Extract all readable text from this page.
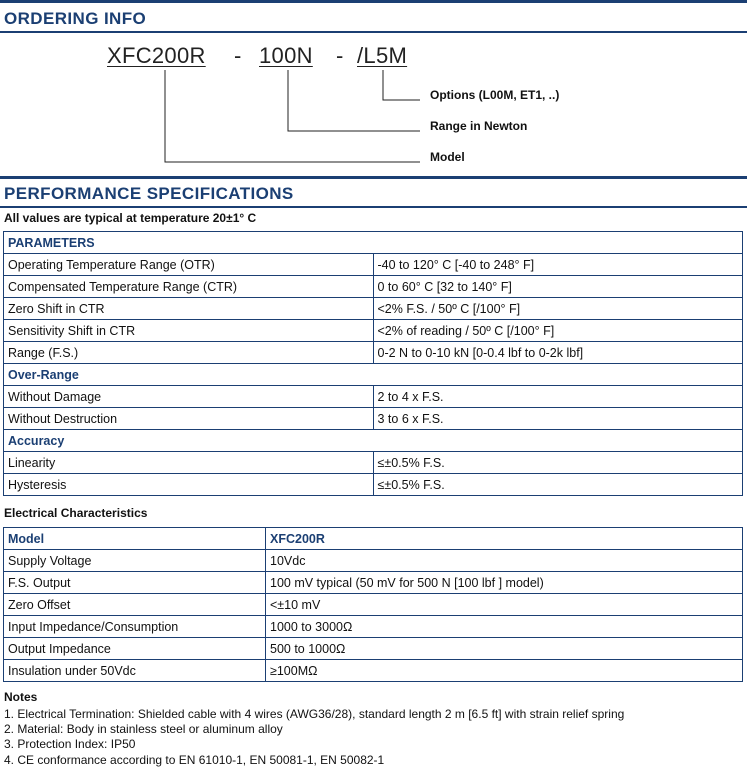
ORDERING INFO
XFC200R - 100N - /L5M
Options (L00M, ET1, ..)
Range in Newton
Model
PERFORMANCE SPECIFICATIONS
All values are typical at temperature 20±1° C
PARAMETERS	
Operating Temperature Range (OTR)	-40 to 120° C [-40 to 248° F]
Compensated Temperature Range (CTR)	0 to 60° C [32 to 140° F]
Zero Shift in CTR	<2% F.S. / 50º C [/100° F]
Sensitivity Shift in CTR	<2% of reading / 50º C [/100° F]
Range (F.S.)	0-2 N to 0-10 kN [0-0.4 lbf to 0-2k lbf]
Over-Range	
Without Damage	2 to 4 x F.S.
Without Destruction	3 to 6 x F.S.
Accuracy	
Linearity	≤±0.5% F.S.
Hysteresis	≤±0.5% F.S.
Electrical Characteristics
Model	XFC200R
Supply Voltage	10Vdc
F.S. Output	100 mV typical (50 mV for 500 N [100 lbf ] model)
Zero Offset	<±10 mV
Input Impedance/Consumption	1000 to 3000Ω
Output Impedance	500 to 1000Ω
Insulation under 50Vdc	≥100MΩ
Notes
1. Electrical Termination: Shielded cable with 4 wires (AWG36/28), standard length 2 m [6.5 ft] with strain relief spring
2. Material: Body in stainless steel or aluminum alloy
3. Protection Index: IP50
4. CE conformance according to EN 61010-1, EN 50081-1, EN 50082-1
